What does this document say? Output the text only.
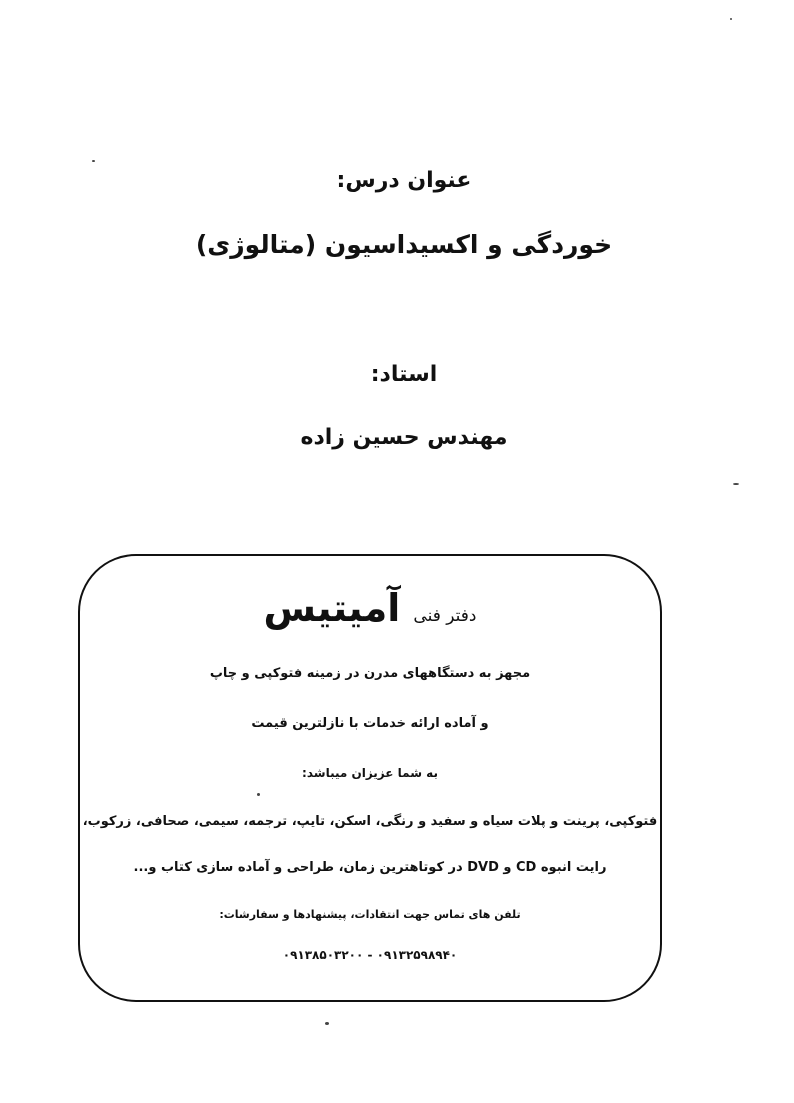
عنوان درس:
خوردگی و اکسیداسیون (متالوژی)
استاد:
مهندس حسین زاده
دفتر فنی آمیتیس
مجهز به دستگاههای مدرن در زمینه فتوکپی و چاپ
و آماده ارائه خدمات با نازلترین قیمت
به شما عزیزان میباشد:
فتوکپی، پرینت و پلات سیاه و سفید و رنگی، اسکن، تایپ، ترجمه، سیمی، صحافی، زرکوب،
رایت انبوه CD و DVD در کوتاهترین زمان، طراحی و آماده سازی کتاب و...
تلفن های تماس جهت انتقادات، پیشنهادها و سفارشات:
۰۹۱۳۲۵۹۸۹۴۰ - ۰۹۱۳۸۵۰۳۲۰۰
